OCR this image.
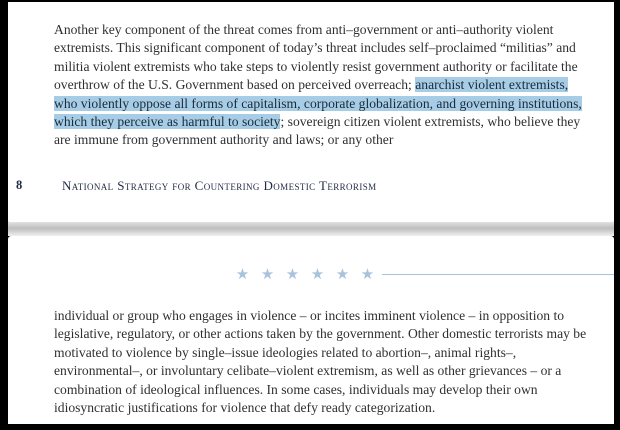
Another key component of the threat comes from anti–government or anti–authority violent extremists. This significant component of today’s threat includes self–proclaimed “militias” and militia violent extremists who take steps to violently resist government authority or facilitate the overthrow of the U.S. Government based on perceived overreach; anarchist violent extremists, who violently oppose all forms of capitalism, corporate globalization, and governing institutions, which they perceive as harmful to society; sovereign citizen violent extremists, who believe they are immune from government authority and laws; or any other

8	National Strategy for Countering Domestic Terrorism
★ ★ ★ ★ ★ ★

individual or group who engages in violence – or incites imminent violence – in opposition to legislative, regulatory, or other actions taken by the government. Other domestic terrorists may be motivated to violence by single–issue ideologies related to abortion–, animal rights–, environmental–, or involuntary celibate–violent extremism, as well as other grievances – or a combination of ideological influences. In some cases, individuals may develop their own idiosyncratic justifications for violence that defy ready categorization.
